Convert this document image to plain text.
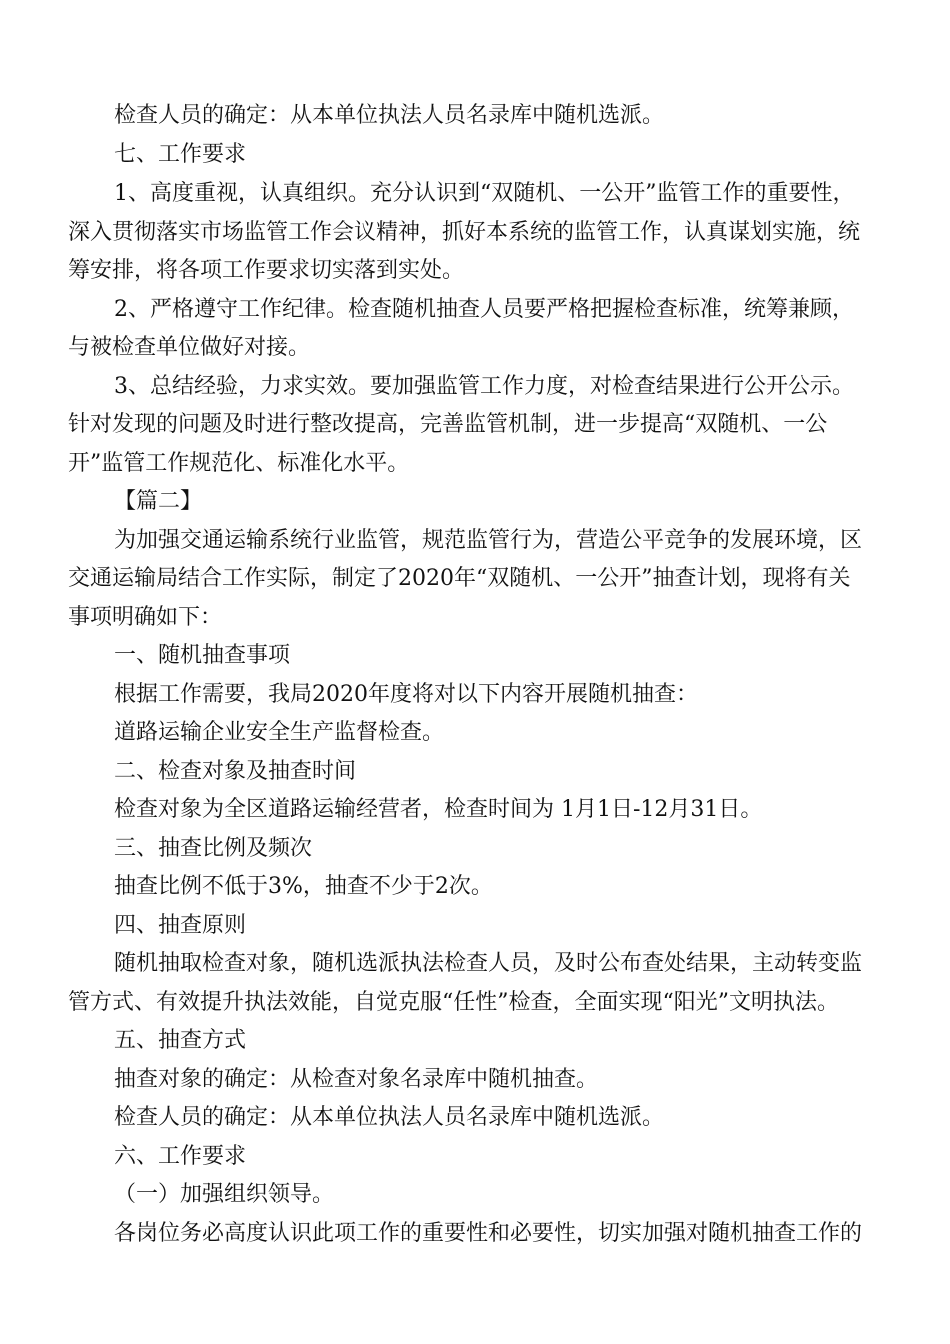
检查人员的确定：从本单位执法人员名录库中随机选派。
七、工作要求
1、高度重视，认真组织。充分认识到“双随机、一公开”监管工作的重要性，
深入贯彻落实市场监管工作会议精神，抓好本系统的监管工作，认真谋划实施，统
筹安排，将各项工作要求切实落到实处。
2、严格遵守工作纪律。检查随机抽查人员要严格把握检查标准，统筹兼顾，
与被检查单位做好对接。
3、总结经验，力求实效。要加强监管工作力度，对检查结果进行公开公示。
针对发现的问题及时进行整改提高，完善监管机制，进一步提高“双随机、一公
开”监管工作规范化、标准化水平。
【篇二】
为加强交通运输系统行业监管，规范监管行为，营造公平竞争的发展环境，区
交通运输局结合工作实际，制定了2020年“双随机、一公开”抽查计划，现将有关
事项明确如下：
一、随机抽查事项
根据工作需要，我局2020年度将对以下内容开展随机抽查：
道路运输企业安全生产监督检查。
二、检查对象及抽查时间
检查对象为全区道路运输经营者，检查时间为 1月1日-12月31日。
三、抽查比例及频次
抽查比例不低于3%，抽查不少于2次。
四、抽查原则
随机抽取检查对象，随机选派执法检查人员，及时公布查处结果，主动转变监
管方式、有效提升执法效能，自觉克服“任性”检查，全面实现“阳光”文明执法。
五、抽查方式
抽查对象的确定：从检查对象名录库中随机抽查。
检查人员的确定：从本单位执法人员名录库中随机选派。
六、工作要求
（一）加强组织领导。
各岗位务必高度认识此项工作的重要性和必要性，切实加强对随机抽查工作的
